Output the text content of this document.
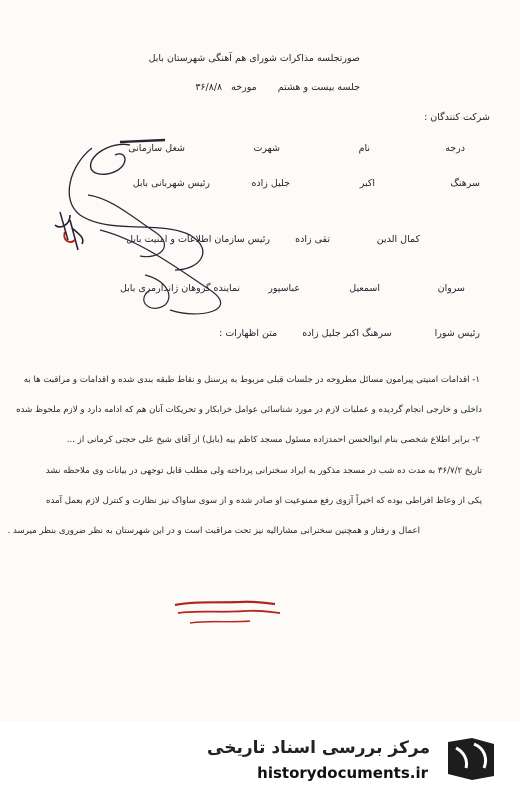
صورتجلسه مذاکرات شورای هم آهنگی شهرستان بابل
جلسه بیست و هشتم مورخه ۳۶/۸/۸
شرکت کنندگان :
درجه
نام
شهرت
شغل سازمانی
سرهنگ
اکبر
جلیل زاده
رئیس شهربانی بابل
کمال الدین
تقی زاده
رئیس سازمان اطلاعات و امنیت بابل
سروان
اسمعیل
عباسپور
نماینده گروهان ژاندارمری بابل
رئیس شورا سرهنگ اکبر جلیل زاده متن اظهارات :
۱- اقدامات امنیتی پیرامون مسائل مطروحه در جلسات قبلی مربوط به پرسنل و نقاط طبقه بندی شده و اقدامات و مراقبت ها به
داخلی و خارجی انجام گردیده و عملیات لازم در مورد شناسائی عوامل خرابکار و تحریکات آنان هم که ادامه دارد و لازم ملحوظ شده
۲- برابر اطلاع شخصی بنام ابوالحسن احمدزاده مسئول مسجد کاظم بیه (بابل) از آقای شیخ علی حجتی کرمانی از ...
تاریخ ۳۶/۷/۲ به مدت ده شب در مسجد مذکور به ایراد سخنرانی پرداخته ولی مطلب قابل توجهی در بیانات وی ملاحظه نشد
یکی از وعاظ افراطی بوده که اخیراً آزوی رفع ممنوعیت او صادر شده و از سوی ساواک نیز نظارت و کنترل لازم بعمل آمده
اعمال و رفتار و همچنین سخنرانی مشارالیه نیز تحت مراقبت است و در این شهرستان به نظر ضروری بنظر میرسد .
مرکز بررسی اسناد تاریخی
historydocuments.ir
